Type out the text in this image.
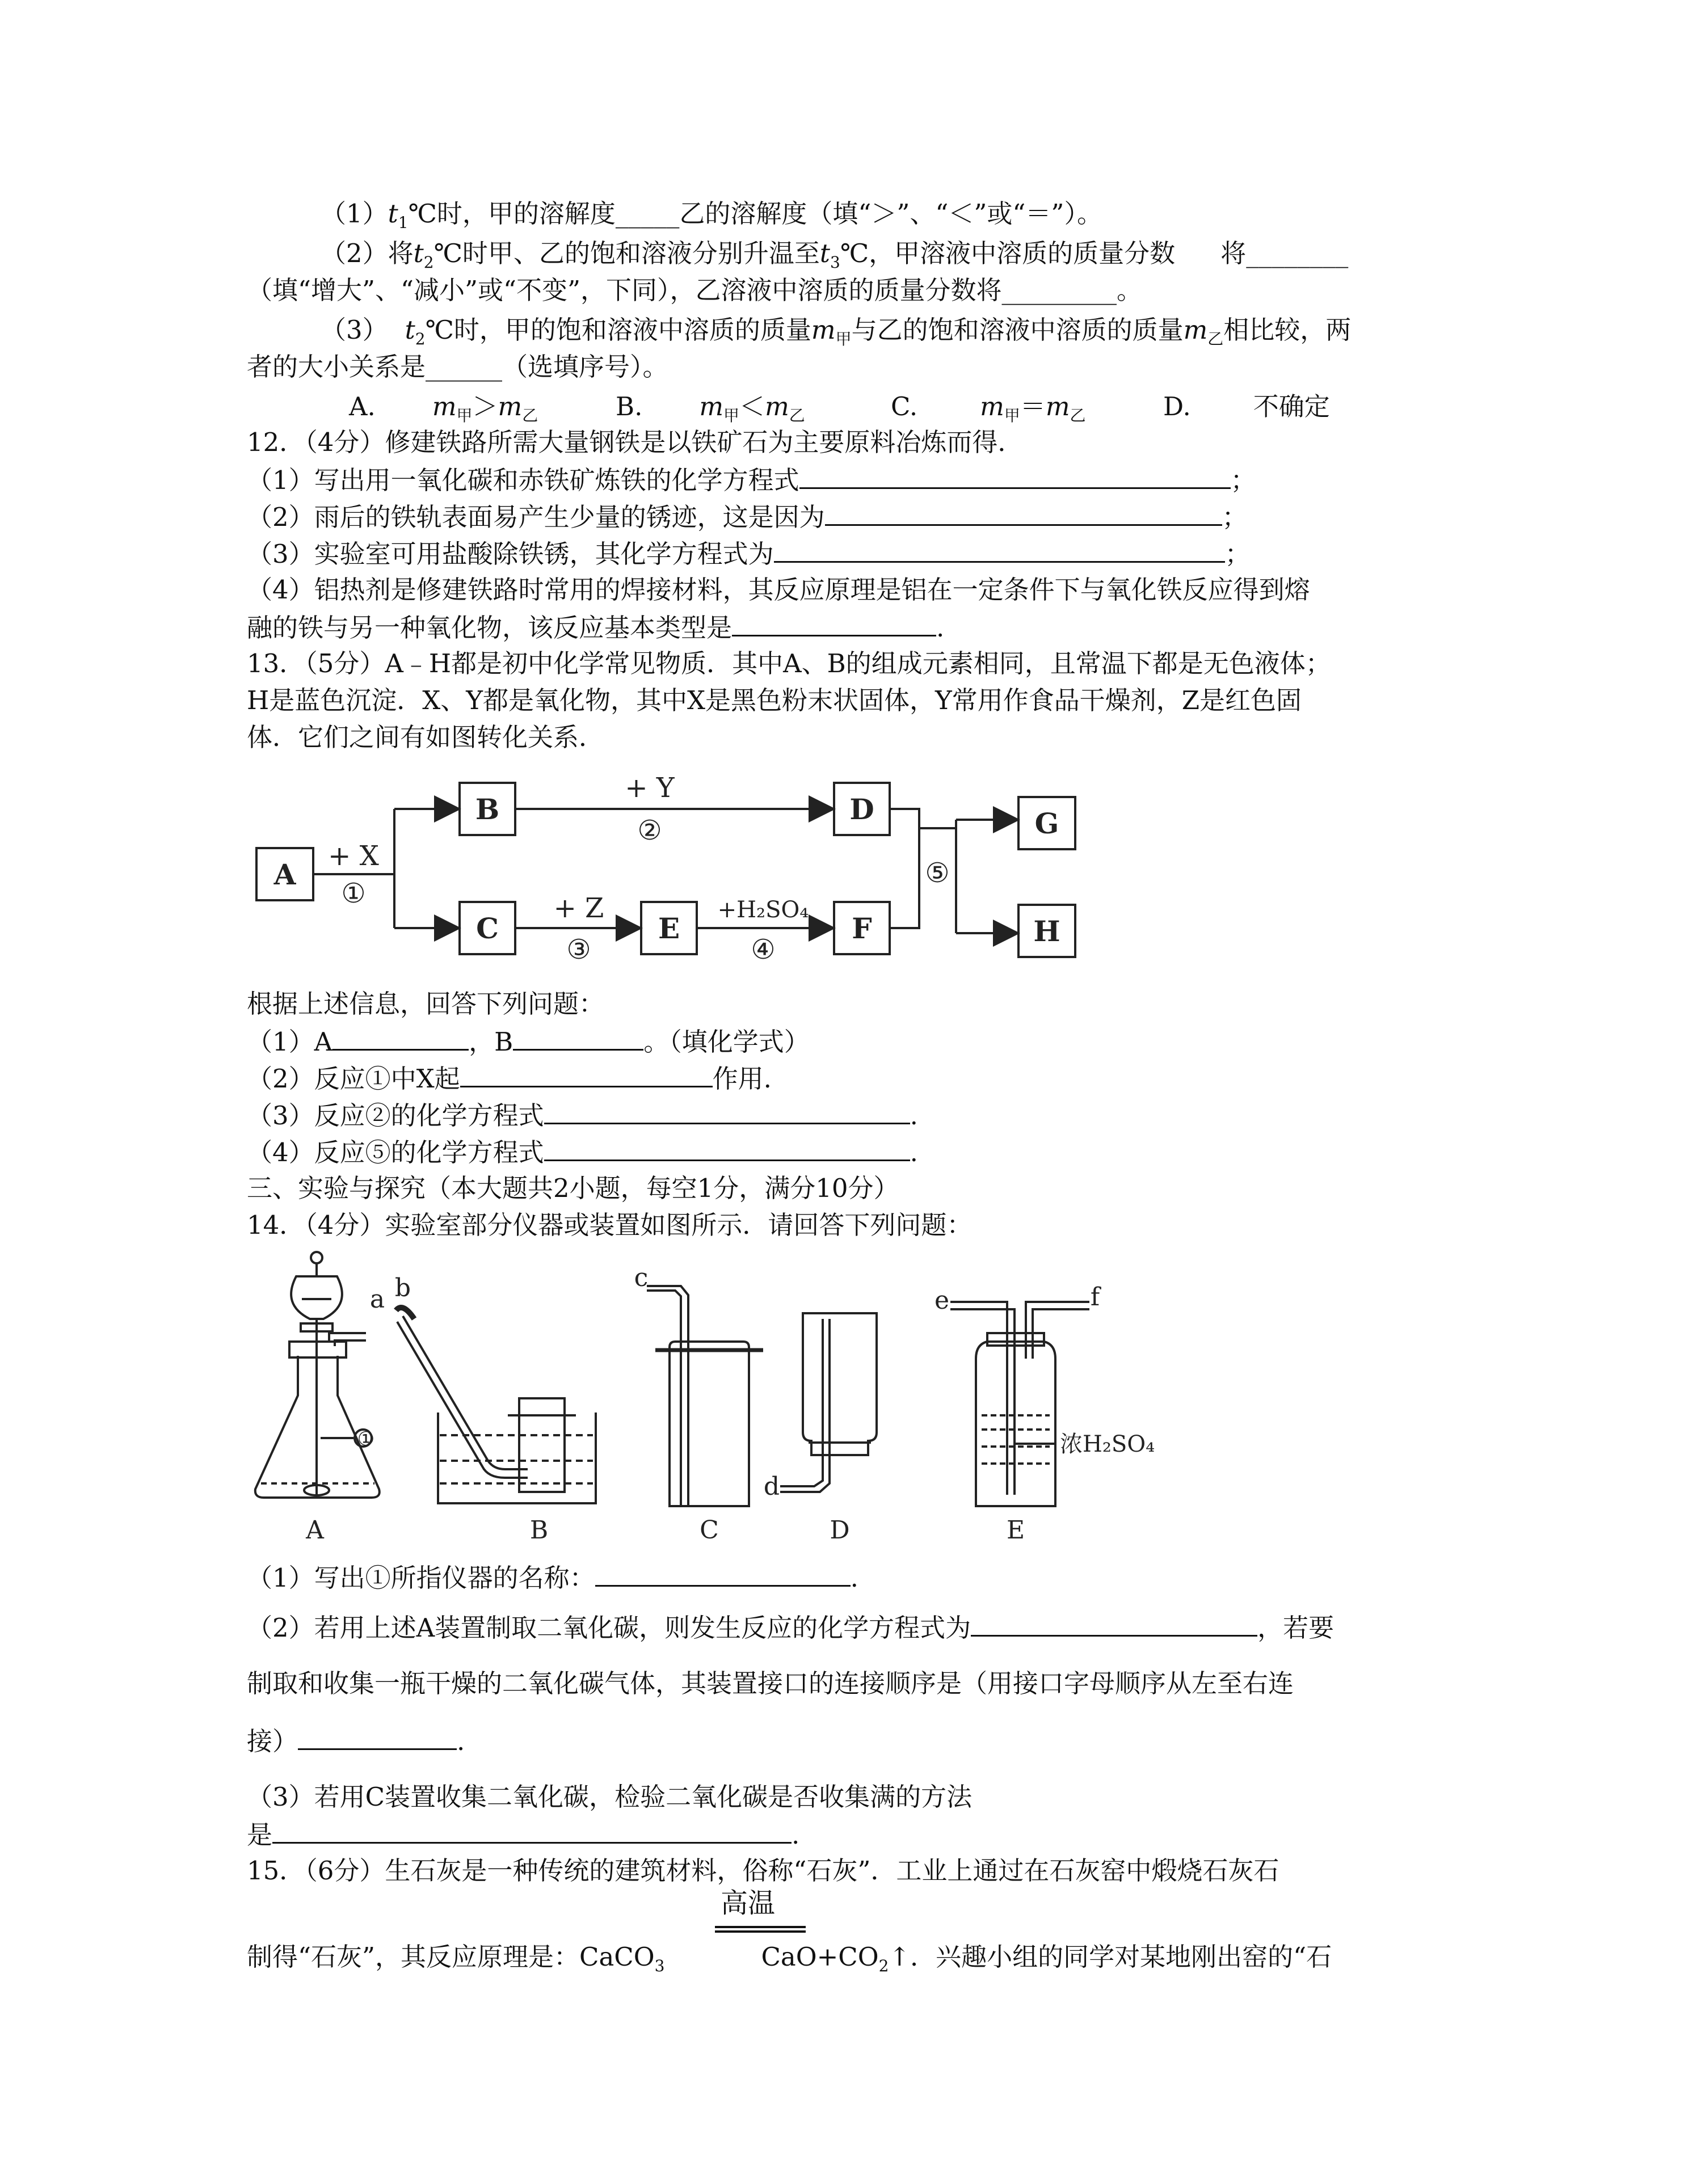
$(1)t_1℃$时，甲的溶解度_____乙的溶解度（填“＞”、“＜”或“＝”）。
（2）将$t_2℃$时甲、乙的饱和溶液分别升温至$t_3℃$，甲溶液中溶质的质量分数 将________
（填“增大”、“减小”或“不变”，下同），乙溶液中溶质的质量分数将_________。
（3） $t_2℃$时，甲的饱和溶液中溶质的质量$m_甲$与乙的饱和溶液中溶质的质量$m_乙$相比较，两
者的大小关系是______（选填序号）。
A. $m_甲>m_乙$	B. $m_甲<m_乙$	C. $m_甲=m_乙$	D. 不确定
12．（4分）修建铁路所需大量钢铁是以铁矿石为主要原料冶炼而得．
（1）写出用一氧化碳和赤铁矿炼铁的化学方程式	；
（2）雨后的铁轨表面易产生少量的锈迹，这是因为	；
（3）实验室可用盐酸除铁锈，其化学方程式为	；
（4）铝热剂是修建铁路时常用的焊接材料，其反应原理是铝在一定条件下与氧化铁反应得到熔
融的铁与另一种氧化物，该反应基本类型是	.
13．（5分）A﹣H都是初中化学常见物质．其中A、B的组成元素相同，且常温下都是无色液体；
H是蓝色沉淀．X、Y都是氧化物，其中X是黑色粉末状固体，Y常用作食品干燥剂，Z是红色固
体．它们之间有如图转化关系．
A
B
C
D
E	F
G
H
+ X
①
+ Y
②
+ Z
③
⑤
+H₂SO₄
④
根据上述信息，回答下列问题：
（1）A	，B	。（填化学式）
（2）反应①中X起	作用.
（3）反应②的化学方程式	.
（4）反应⑤的化学方程式	.
三、实验与探究（本大题共2小题，每空1分，满分10分）
14．（4分）实验室部分仪器或装置如图所示．请回答下列问题：
a b	c
d
e	f
①
A	B	C	D	E
浓H₂SO₄
（1）写出①所指仪器的名称：	.
（2）若用上述A装置制取二氧化碳，则发生反应的化学方程式为	，若要
制取和收集一瓶干燥的二氧化碳气体，其装置接口的连接顺序是（用接口字母顺序从左至右连
接）	.
（3）若用C装置收集二氧化碳，检验二氧化碳是否收集满的方法
是	.
15．（6分）生石灰是一种传统的建筑材料，俗称“石灰”．工业上通过在石灰窑中煅烧石灰石
高温
制得“石灰”，其反应原理是：CaCO$_3$	$CaO+CO_2↑$．兴趣小组的同学对某地刚出窑的“石
